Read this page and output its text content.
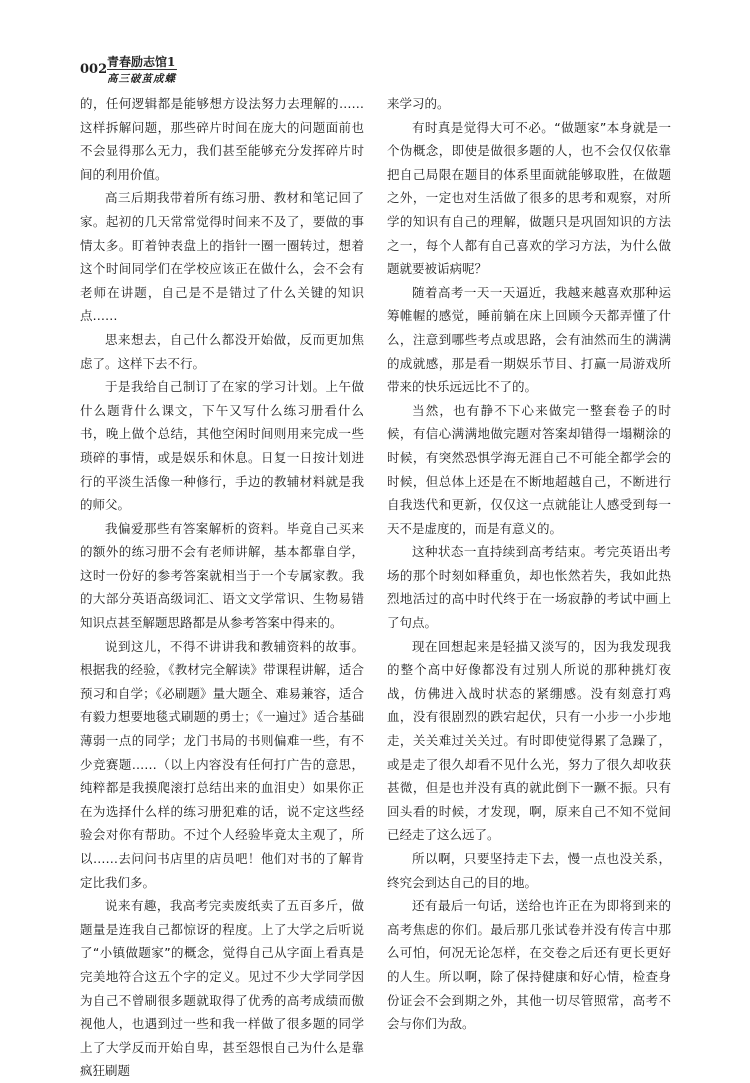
002 青春励志馆1
高三破茧成蝶

的，任何逻辑都是能够想方设法努力去理解的……这样拆解问题，那些碎片时间在庞大的问题面前也不会显得那么无力，我们甚至能够充分发挥碎片时间的利用价值。

高三后期我带着所有练习册、教材和笔记回了家。起初的几天常常觉得时间来不及了，要做的事情太多。盯着钟表盘上的指针一圈一圈转过，想着这个时间同学们在学校应该正在做什么，会不会有老师在讲题，自己是不是错过了什么关键的知识点……

思来想去，自己什么都没开始做，反而更加焦虑了。这样下去不行。

于是我给自己制订了在家的学习计划。上午做什么题背什么课文，下午又写什么练习册看什么书，晚上做个总结，其他空闲时间则用来完成一些琐碎的事情，或是娱乐和休息。日复一日按计划进行的平淡生活像一种修行，手边的教辅材料就是我的师父。

我偏爱那些有答案解析的资料。毕竟自己买来的额外的练习册不会有老师讲解，基本都靠自学，这时一份好的参考答案就相当于一个专属家教。我的大部分英语高级词汇、语文文学常识、生物易错知识点甚至解题思路都是从参考答案中得来的。

说到这儿，不得不讲讲我和教辅资料的故事。根据我的经验，《教材完全解读》带课程讲解，适合预习和自学；《必刷题》量大题全、难易兼容，适合有毅力想要地毯式刷题的勇士；《一遍过》适合基础薄弱一点的同学；龙门书局的书则偏难一些，有不少竞赛题……（以上内容没有任何打广告的意思，纯粹都是我摸爬滚打总结出来的血泪史）如果你正在为选择什么样的练习册犯难的话，说不定这些经验会对你有帮助。不过个人经验毕竟太主观了，所以……去问问书店里的店员吧！他们对书的了解肯定比我们多。

说来有趣，我高考完卖废纸卖了五百多斤，做题量是连我自己都惊讶的程度。上了大学之后听说了“小镇做题家”的概念，觉得自己从字面上看真是完美地符合这五个字的定义。见过不少大学同学因为自己不曾刷很多题就取得了优秀的高考成绩而傲视他人，也遇到过一些和我一样做了很多题的同学上了大学反而开始自卑，甚至怨恨自己为什么是靠疯狂刷题

来学习的。

有时真是觉得大可不必。“做题家”本身就是一个伪概念，即使是做很多题的人，也不会仅仅依靠把自己局限在题目的体系里面就能够取胜，在做题之外，一定也对生活做了很多的思考和观察，对所学的知识有自己的理解，做题只是巩固知识的方法之一，每个人都有自己喜欢的学习方法，为什么做题就要被诟病呢？

随着高考一天一天逼近，我越来越喜欢那种运筹帷幄的感觉，睡前躺在床上回顾今天都弄懂了什么，注意到哪些考点或思路，会有油然而生的满满的成就感，那是看一期娱乐节目、打赢一局游戏所带来的快乐远远比不了的。

当然，也有静不下心来做完一整套卷子的时候，有信心满满地做完题对答案却错得一塌糊涂的时候，有突然恐惧学海无涯自己不可能全都学会的时候，但总体上还是在不断地超越自己，不断进行自我迭代和更新，仅仅这一点就能让人感受到每一天不是虚度的，而是有意义的。

这种状态一直持续到高考结束。考完英语出考场的那个时刻如释重负，却也怅然若失，我如此热烈地活过的高中时代终于在一场寂静的考试中画上了句点。

现在回想起来是轻描又淡写的，因为我发现我的整个高中好像都没有过别人所说的那种挑灯夜战，仿佛进入战时状态的紧绷感。没有刻意打鸡血，没有很剧烈的跌宕起伏，只有一小步一小步地走，关关难过关关过。有时即使觉得累了急躁了，或是走了很久却看不见什么光，努力了很久却收获甚微，但是也并没有真的就此倒下一蹶不振。只有回头看的时候，才发现，啊，原来自己不知不觉间已经走了这么远了。

所以啊，只要坚持走下去，慢一点也没关系，终究会到达自己的目的地。

还有最后一句话，送给也许正在为即将到来的高考焦虑的你们。最后那几张试卷并没有传言中那么可怕，何况无论怎样，在交卷之后还有更长更好的人生。所以啊，除了保持健康和好心情，检查身份证会不会到期之外，其他一切尽管照常，高考不会与你们为敌。
